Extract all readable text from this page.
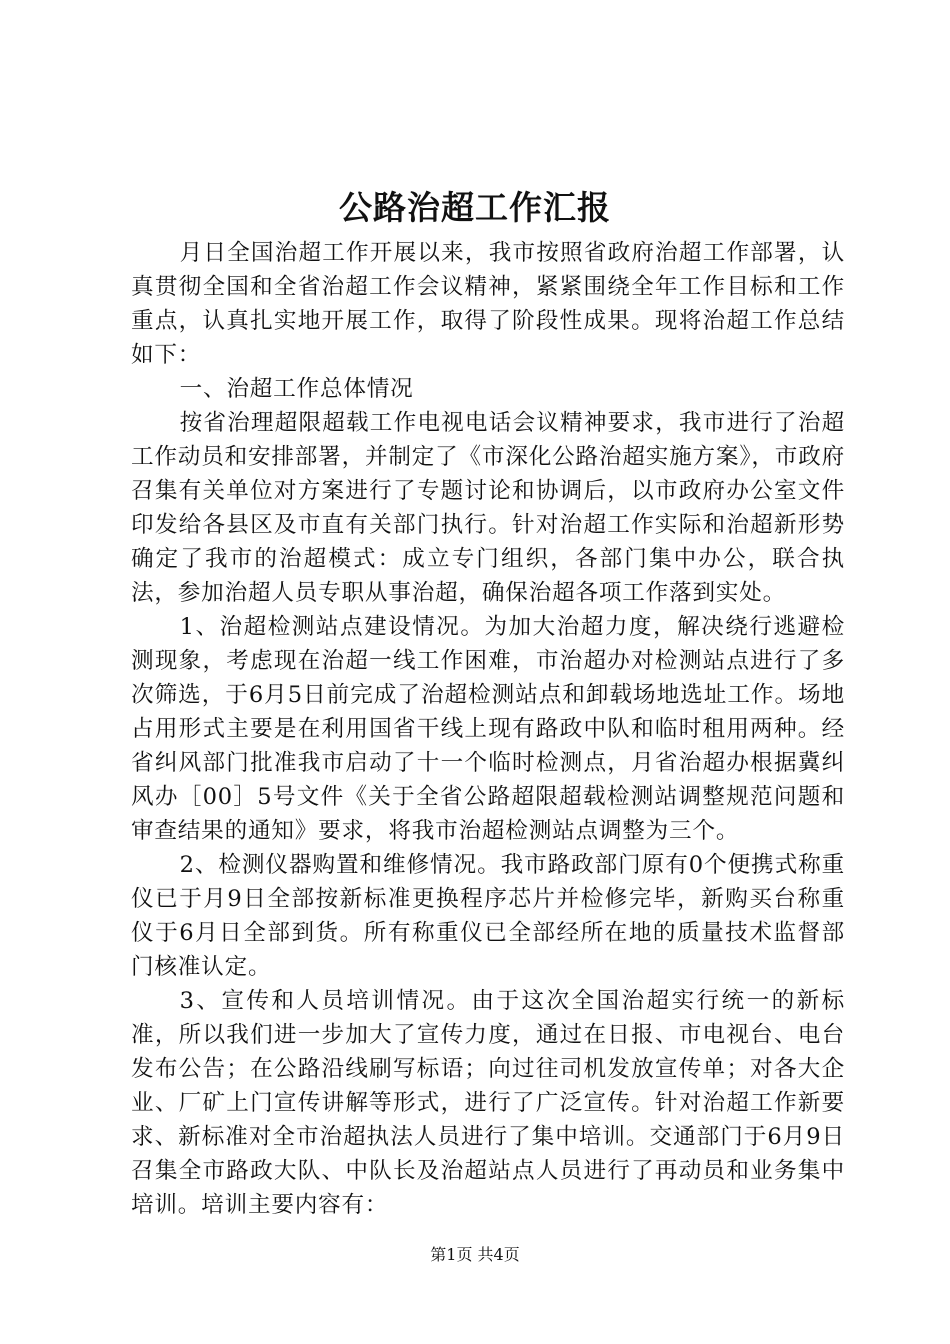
公路治超工作汇报

月日全国治超工作开展以来，我市按照省政府治超工作部署，认真贯彻全国和全省治超工作会议精神，紧紧围绕全年工作目标和工作重点，认真扎实地开展工作，取得了阶段性成果。现将治超工作总结如下：

一、治超工作总体情况

按省治理超限超载工作电视电话会议精神要求，我市进行了治超工作动员和安排部署，并制定了《市深化公路治超实施方案》，市政府召集有关单位对方案进行了专题讨论和协调后，以市政府办公室文件印发给各县区及市直有关部门执行。针对治超工作实际和治超新形势确定了我市的治超模式：成立专门组织，各部门集中办公，联合执法，参加治超人员专职从事治超，确保治超各项工作落到实处。

1、治超检测站点建设情况。为加大治超力度，解决绕行逃避检测现象，考虑现在治超一线工作困难，市治超办对检测站点进行了多次筛选，于6月5日前完成了治超检测站点和卸载场地选址工作。场地占用形式主要是在利用国省干线上现有路政中队和临时租用两种。经省纠风部门批准我市启动了十一个临时检测点，月省治超办根据冀纠风办［00］5号文件《关于全省公路超限超载检测站调整规范问题和审查结果的通知》要求，将我市治超检测站点调整为三个。

2、检测仪器购置和维修情况。我市路政部门原有0个便携式称重仪已于月9日全部按新标准更换程序芯片并检修完毕，新购买台称重仪于6月日全部到货。所有称重仪已全部经所在地的质量技术监督部门核准认定。

3、宣传和人员培训情况。由于这次全国治超实行统一的新标准，所以我们进一步加大了宣传力度，通过在日报、市电视台、电台发布公告；在公路沿线刷写标语；向过往司机发放宣传单；对各大企业、厂矿上门宣传讲解等形式，进行了广泛宣传。针对治超工作新要求、新标准对全市治超执法人员进行了集中培训。交通部门于6月9日召集全市路政大队、中队长及治超站点人员进行了再动员和业务集中培训。培训主要内容有：

第1页 共4页
